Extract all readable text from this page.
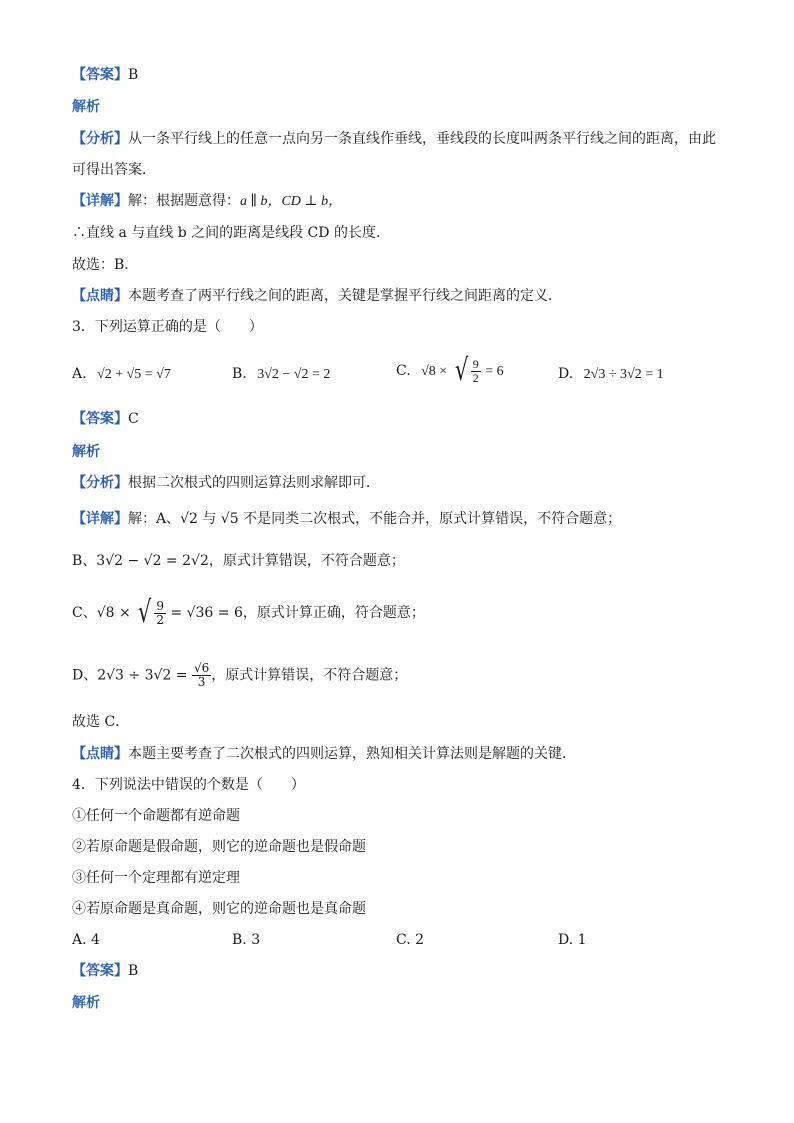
【答案】B
解析
【分析】从一条平行线上的任意一点向另一条直线作垂线，垂线段的长度叫两条平行线之间的距离，由此
可得出答案．
【详解】解：根据题意得：a ∥ b，CD ⊥ b，
∴直线 a 与直线 b 之间的距离是线段 CD 的长度．
故选：B．
【点睛】本题考查了两平行线之间的距离，关键是掌握平行线之间距离的定义．
3．下列运算正确的是（　　）
A. √2 + √5 = √7	B. 3√2 − √2 = 2	C. √8 × √ $\frac{9}{2} = 6$	D. 2√3 ÷ 3√2 = 1
【答案】C
解析
【分析】根据二次根式的四则运算法则求解即可．
【详解】解：A、√2 与 √5 不是同类二次根式，不能合并，原式计算错误，不符合题意；
B、3√2 − √2 = 2√2，原式计算错误，不符合题意；
C、√8 × √ $\frac{9}{2} = √36 = 6$，原式计算正确，符合题意；
D、$2√3 \div 3√2 = \frac{√6}{3}$ ，原式计算错误，不符合题意；
故选 C．
【点睛】本题主要考查了二次根式的四则运算，熟知相关计算法则是解题的关键．
4．下列说法中错误的个数是（　　）
①任何一个命题都有逆命题
②若原命题是假命题，则它的逆命题也是假命题
③任何一个定理都有逆定理
④若原命题是真命题，则它的逆命题也是真命题
A. 4	B. 3	C. 2	D. 1
【答案】B
解析
